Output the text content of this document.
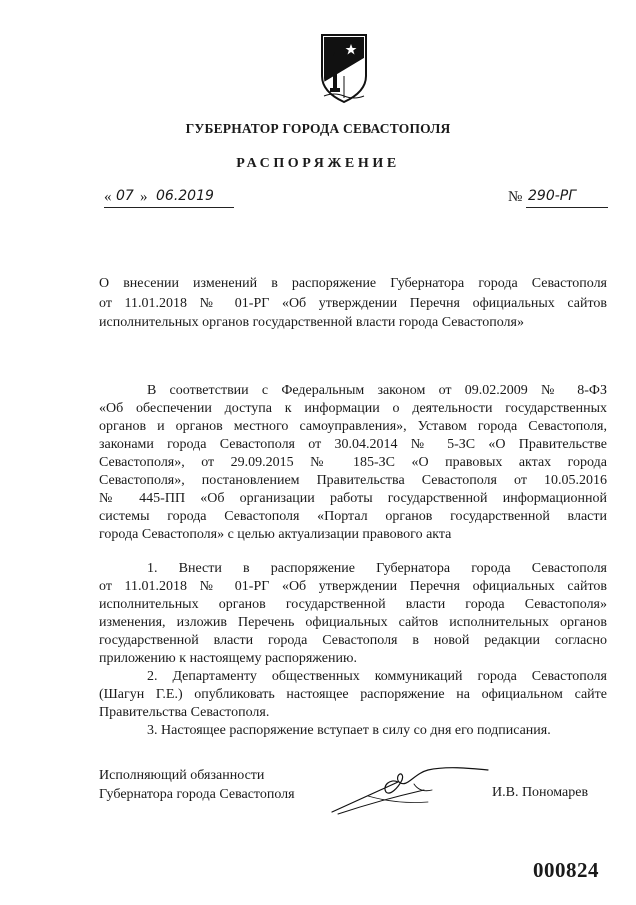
ГУБЕРНАТОР ГОРОДА СЕВАСТОПОЛЯ
РАСПОРЯЖЕНИЕ
« 07 » 06.2019	№ 290-РГ
О внесении изменений в распоряжение Губернатора города Севастополя
от 11.01.2018 № 01-РГ «Об утверждении Перечня официальных сайтов
исполнительных органов государственной власти города Севастополя»
В соответствии с Федеральным законом от 09.02.2009 № 8-ФЗ
«Об обеспечении доступа к информации о деятельности государственных
органов и органов местного самоуправления», Уставом города Севастополя,
законами города Севастополя от 30.04.2014 № 5-ЗС «О Правительстве
Севастополя», от 29.09.2015 № 185-ЗС «О правовых актах города
Севастополя», постановлением Правительства Севастополя от 10.05.2016
№ 445-ПП «Об организации работы государственной информационной
системы города Севастополя «Портал органов государственной власти
города Севастополя» с целью актуализации правового акта
1. Внести в распоряжение Губернатора города Севастополя
от 11.01.2018 № 01-РГ «Об утверждении Перечня официальных сайтов
исполнительных органов государственной власти города Севастополя»
изменения, изложив Перечень официальных сайтов исполнительных органов
государственной власти города Севастополя в новой редакции согласно
приложению к настоящему распоряжению.
2. Департаменту общественных коммуникаций города Севастополя
(Шагун Г.Е.) опубликовать настоящее распоряжение на официальном сайте
Правительства Севастополя.
3. Настоящее распоряжение вступает в силу со дня его подписания.
Исполняющий обязанности
Губернатора города Севастополя	И.В. Пономарев
000824
